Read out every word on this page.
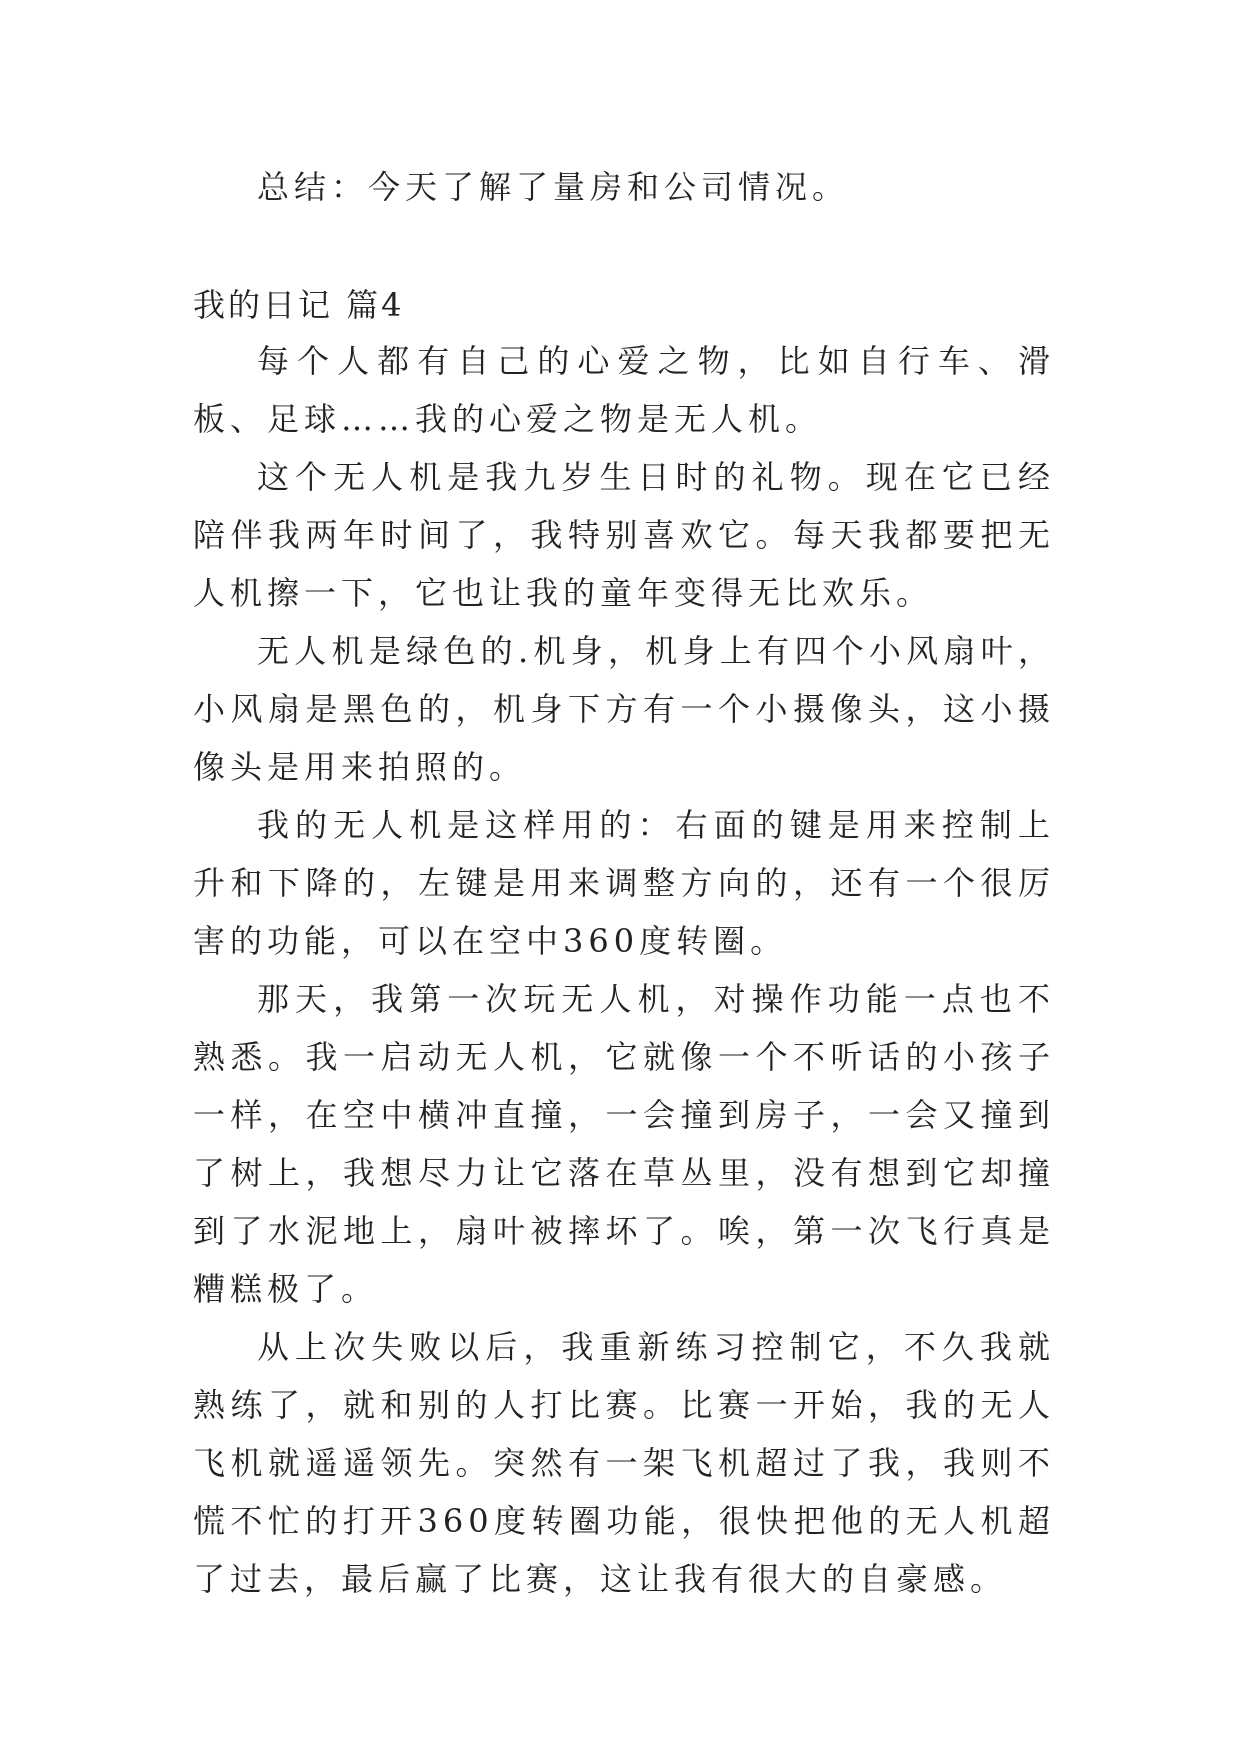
总结：今天了解了量房和公司情况。

我的日记 篇4

每个人都有自己的心爱之物，比如自行车、滑板、足球……我的心爱之物是无人机。

这个无人机是我九岁生日时的礼物。现在它已经陪伴我两年时间了，我特别喜欢它。每天我都要把无人机擦一下，它也让我的童年变得无比欢乐。

无人机是绿色的.机身，机身上有四个小风扇叶，小风扇是黑色的，机身下方有一个小摄像头，这小摄像头是用来拍照的。

我的无人机是这样用的：右面的键是用来控制上升和下降的，左键是用来调整方向的，还有一个很厉害的功能，可以在空中360度转圈。

那天，我第一次玩无人机，对操作功能一点也不熟悉。我一启动无人机，它就像一个不听话的小孩子一样，在空中横冲直撞，一会撞到房子，一会又撞到了树上，我想尽力让它落在草丛里，没有想到它却撞到了水泥地上，扇叶被摔坏了。唉，第一次飞行真是糟糕极了。

从上次失败以后，我重新练习控制它，不久我就熟练了，就和别的人打比赛。比赛一开始，我的无人飞机就遥遥领先。突然有一架飞机超过了我，我则不慌不忙的打开360度转圈功能，很快把他的无人机超了过去，最后赢了比赛，这让我有很大的自豪感。
